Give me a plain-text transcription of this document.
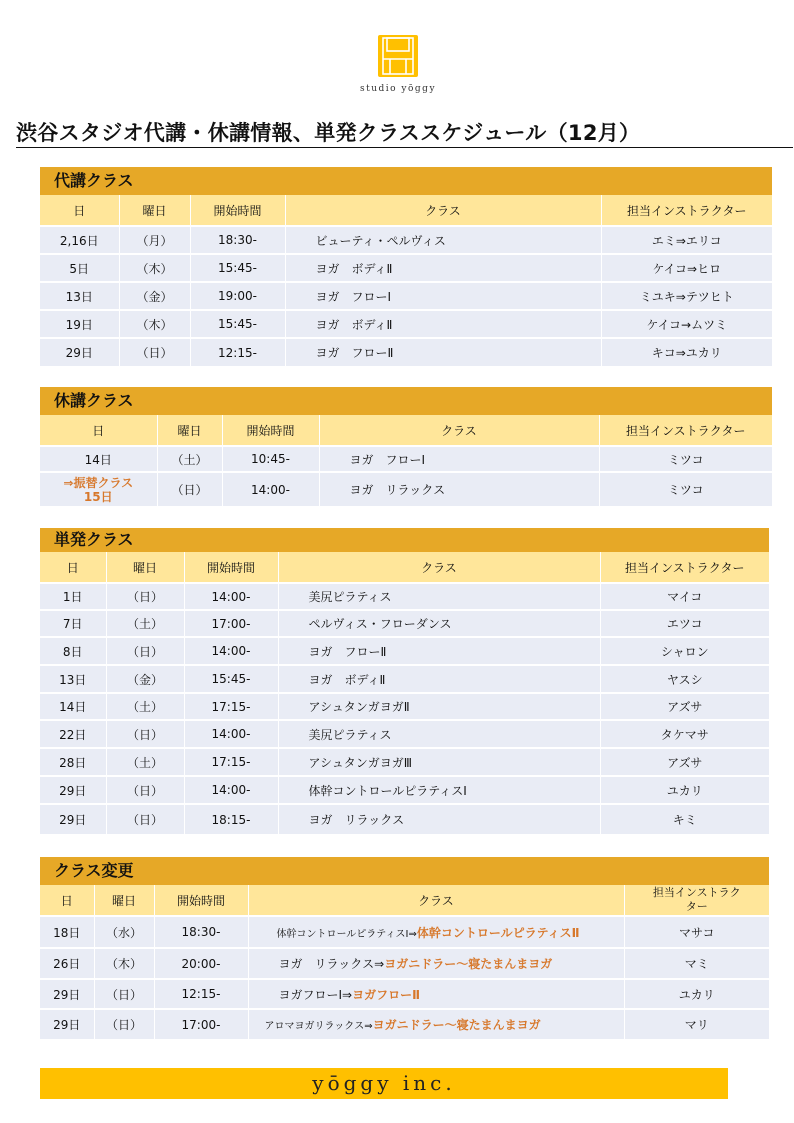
studio yōggy
渋谷スタジオ代講・休講情報、単発クラススケジュール（12月）
代講クラス
日	曜日	開始時間	クラス	担当インストラクター
2,16日	（月）	18:30-	ビューティ・ペルヴィス	エミ⇒エリコ
5日	（木）	15:45-	ヨガ　ボディⅡ	ケイコ⇒ヒロ
13日	（金）	19:00-	ヨガ　フローⅠ	ミユキ⇒テツヒト
19日	（木）	15:45-	ヨガ　ボディⅡ	ケイコ→ムツミ
29日	（日）	12:15-	ヨガ　フローⅡ	キコ⇒ユカリ
休講クラス
日	曜日	開始時間	クラス	担当インストラクター
14日	（土）	10:45-	ヨガ　フローⅠ	ミツコ

⇒振替クラス
15日	（日）	14:00-	ヨガ　リラックス	ミツコ
単発クラス
日	曜日	開始時間	クラス	担当インストラクター
1日	（日）	14:00-	美尻ピラティス	マイコ
7日	（土）	17:00-	ペルヴィス・フローダンス	エツコ
8日	（日）	14:00-	ヨガ　フローⅡ	シャロン
13日	（金）	15:45-	ヨガ　ボディⅡ	ヤスシ
14日	（土）	17:15-	アシュタンガヨガⅡ	アズサ
22日	（日）	14:00-	美尻ピラティス	タケマサ
28日	（土）	17:15-	アシュタンガヨガⅢ	アズサ
29日	（日）	14:00-	体幹コントロールピラティスⅠ	ユカリ
29日	（日）	18:15-	ヨガ　リラックス	キミ
クラス変更
日	曜日	開始時間	クラス	担当インストラク
ター
18日	（水）	18:30-	体幹コントロールピラティスⅠ⇒体幹コントロールピラティスⅡ	マサコ
26日	（木）	20:00-	ヨガ　リラックス⇒ヨガニドラー～寝たまんまヨガ	マミ
29日	（日）	12:15-	ヨガフローⅠ⇒ヨガフローⅡ	ユカリ
29日	（日）	17:00-	アロマヨガリラックス⇒ヨガニドラー～寝たまんまヨガ	マリ
yōggy inc.
